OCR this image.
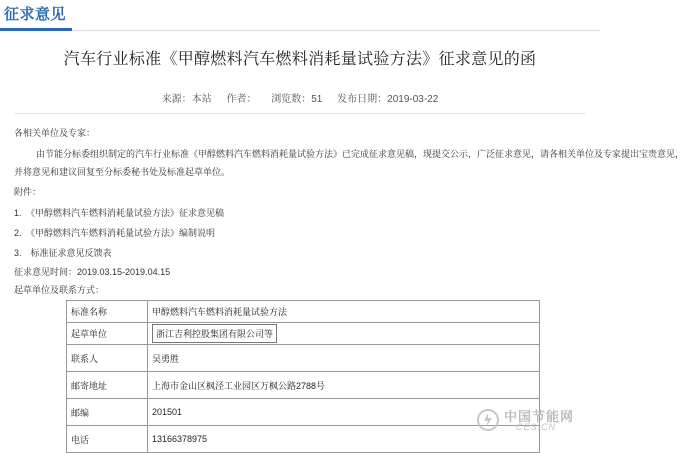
征求意见
汽车行业标准《甲醇燃料汽车燃料消耗量试验方法》征求意见的函
来源：本站 作者： 浏览数：51 发布日期：2019-03-22
各相关单位及专家：
由节能分标委组织制定的汽车行业标准《甲醇燃料汽车燃料消耗量试验方法》已完成征求意见稿，现提交公示，广泛征求意见，请各相关单位及专家提出宝贵意见，
并将意见和建议回复至分标委秘书处及标准起草单位。
附件：
1.　《甲醇燃料汽车燃料消耗量试验方法》征求意见稿
2.　《甲醇燃料汽车燃料消耗量试验方法》编制说明
3.　标准征求意见反馈表
征求意见时间：2019.03.15-2019.04.15
起草单位及联系方式：
标准名称	甲醇燃料汽车燃料消耗量试验方法
起草单位	浙江吉利控股集团有限公司等
联系人	吴勇胜
邮寄地址	上海市金山区枫泾工业园区万枫公路2788号
邮编	201501
电话	13166378975
中国节能网
CES.CN
